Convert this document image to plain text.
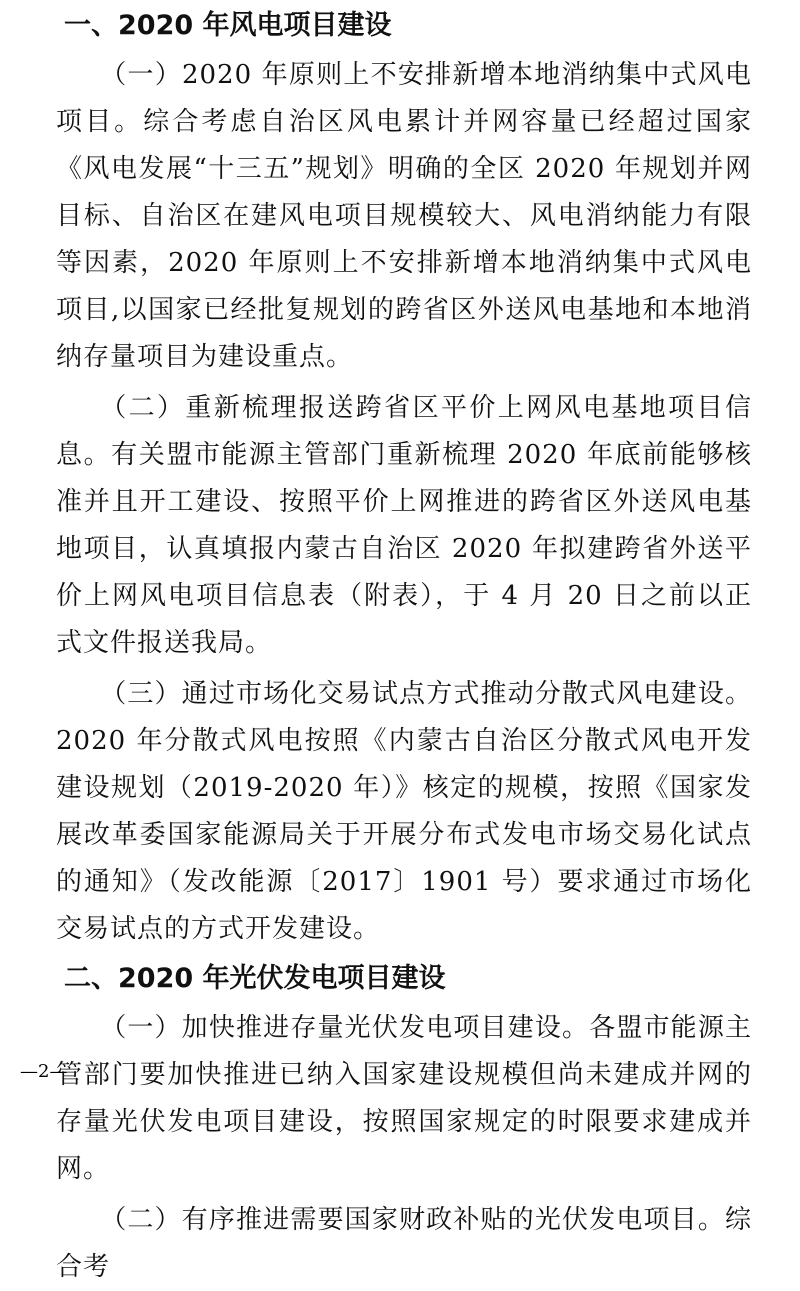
一、2020 年风电项目建设

（一）2020 年原则上不安排新增本地消纳集中式风电项目。综合考虑自治区风电累计并网容量已经超过国家《风电发展“十三五”规划》明确的全区 2020 年规划并网目标、自治区在建风电项目规模较大、风电消纳能力有限等因素，2020 年原则上不安排新增本地消纳集中式风电项目,以国家已经批复规划的跨省区外送风电基地和本地消纳存量项目为建设重点。

（二）重新梳理报送跨省区平价上网风电基地项目信息。有关盟市能源主管部门重新梳理 2020 年底前能够核准并且开工建设、按照平价上网推进的跨省区外送风电基地项目，认真填报内蒙古自治区 2020 年拟建跨省外送平价上网风电项目信息表（附表），于 4 月 20 日之前以正式文件报送我局。

（三）通过市场化交易试点方式推动分散式风电建设。2020 年分散式风电按照《内蒙古自治区分散式风电开发建设规划（2019-2020 年）》核定的规模，按照《国家发展改革委国家能源局关于开展分布式发电市场交易化试点的通知》（发改能源〔2017〕1901 号）要求通过市场化交易试点的方式开发建设。

二、2020 年光伏发电项目建设

（一）加快推进存量光伏发电项目建设。各盟市能源主管部门要加快推进已纳入国家建设规模但尚未建成并网的存量光伏发电项目建设，按照国家规定的时限要求建成并网。

（二）有序推进需要国家财政补贴的光伏发电项目。综合考

—2—
